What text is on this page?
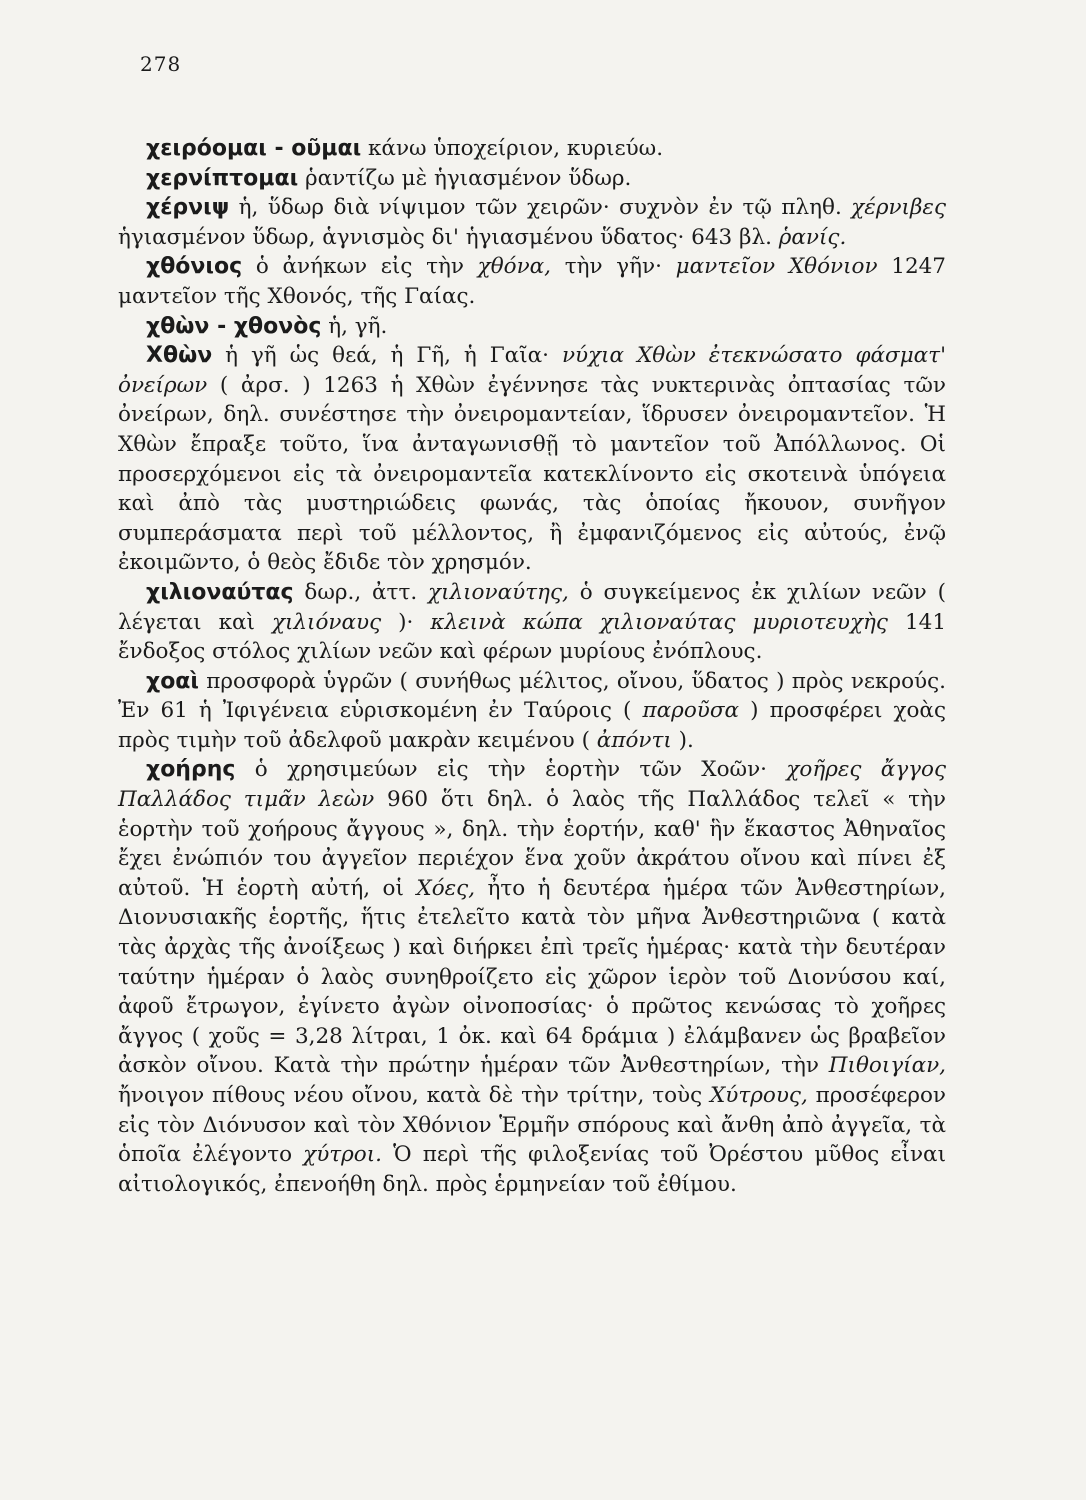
278

χειρόομαι - οῦμαι κάνω ὑποχείριον, κυριεύω.

χερνίπτομαι ῥαντίζω μὲ ἡγιασμένον ὕδωρ.

χέρνιψ ἡ, ὕδωρ διὰ νίψιμον τῶν χειρῶν· συχνὸν ἐν τῷ πληθ. χέρνιβες ἡγιασμένον ὕδωρ, ἁγνισμὸς δι' ἡγιασμένου ὕδατος· 643 βλ. ῥανίς.

χθόνιος ὁ ἀνήκων εἰς τὴν χθόνα, τὴν γῆν· μαντεῖον Χθόνιον 1247 μαντεῖον τῆς Χθονός, τῆς Γαίας.

χθὼν - χθονὸς ἡ, γῆ.

Χθὼν ἡ γῆ ὡς θεά, ἡ Γῆ, ἡ Γαῖα· νύχια Χθὼν ἐτεκνώσατο φάσματ' ὀνείρων ( ἀρσ. ) 1263 ἡ Χθὼν ἐγέννησε τὰς νυκτερινὰς ὀπτασίας τῶν ὀνείρων, δηλ. συνέστησε τὴν ὀνειρομαντείαν, ἵδρυσεν ὀνειρομαντεῖον. Ἡ Χθὼν ἔπραξε τοῦτο, ἵνα ἀνταγωνισθῇ τὸ μαντεῖον τοῦ Ἀπόλλωνος. Οἱ προσερχόμενοι εἰς τὰ ὀνειρομαντεῖα κατεκλίνοντο εἰς σκοτεινὰ ὑπόγεια καὶ ἀπὸ τὰς μυστηριώδεις φωνάς, τὰς ὁποίας ἤκουον, συνῆγον συμπεράσματα περὶ τοῦ μέλλοντος, ἢ ἐμφανιζόμενος εἰς αὐτούς, ἐνῷ ἐκοιμῶντο, ὁ θεὸς ἔδιδε τὸν χρησμόν.

χιλιοναύτας δωρ., ἀττ. χιλιοναύτης, ὁ συγκείμενος ἐκ χιλίων νεῶν ( λέγεται καὶ χιλιόναυς )· κλεινὰ κώπα χιλιοναύτας μυριοτευχὴς 141 ἔνδοξος στόλος χιλίων νεῶν καὶ φέρων μυρίους ἐνόπλους.

χοαὶ προσφορὰ ὑγρῶν ( συνήθως μέλιτος, οἴνου, ὕδατος ) πρὸς νεκρούς. Ἐν 61 ἡ Ἰφιγένεια εὑρισκομένη ἐν Ταύροις ( παροῦσα ) προσφέρει χοὰς πρὸς τιμὴν τοῦ ἀδελφοῦ μακρὰν κειμένου ( ἀπόντι ).

χοήρης ὁ χρησιμεύων εἰς τὴν ἑορτὴν τῶν Χοῶν· χοῆρες ἄγγος Παλλάδος τιμᾶν λεὼν 960 ὅτι δηλ. ὁ λαὸς τῆς Παλλάδος τελεῖ « τὴν ἑορτὴν τοῦ χοήρους ἄγγους », δηλ. τὴν ἑορτήν, καθ' ἣν ἕκαστος Ἀθηναῖος ἔχει ἐνώπιόν του ἀγγεῖον περιέχον ἕνα χοῦν ἀκράτου οἴνου καὶ πίνει ἐξ αὐτοῦ. Ἡ ἑορτὴ αὐτή, οἱ Χόες, ἦτο ἡ δευτέρα ἡμέρα τῶν Ἀνθεστηρίων, Διονυσιακῆς ἑορτῆς, ἥτις ἐτελεῖτο κατὰ τὸν μῆνα Ἀνθεστηριῶνα ( κατὰ τὰς ἀρχὰς τῆς ἀνοίξεως ) καὶ διήρκει ἐπὶ τρεῖς ἡμέρας· κατὰ τὴν δευτέραν ταύτην ἡμέραν ὁ λαὸς συνηθροίζετο εἰς χῶρον ἱερὸν τοῦ Διονύσου καί, ἀφοῦ ἔτρωγον, ἐγίνετο ἀγὼν οἰνοποσίας· ὁ πρῶτος κενώσας τὸ χοῆρες ἄγγος ( χοῦς = 3,28 λίτραι, 1 ὀκ. καὶ 64 δράμια ) ἐλάμβανεν ὡς βραβεῖον ἀσκὸν οἴνου. Κατὰ τὴν πρώτην ἡμέραν τῶν Ἀνθεστηρίων, τὴν Πιθοιγίαν, ἤνοιγον πίθους νέου οἴνου, κατὰ δὲ τὴν τρίτην, τοὺς Χύτρους, προσέφερον εἰς τὸν Διόνυσον καὶ τὸν Χθόνιον Ἑρμῆν σπόρους καὶ ἄνθη ἀπὸ ἀγγεῖα, τὰ ὁποῖα ἐλέγοντο χύτροι. Ὁ περὶ τῆς φιλοξενίας τοῦ Ὀρέστου μῦθος εἶναι αἰτιολογικός, ἐπενοήθη δηλ. πρὸς ἑρμηνείαν τοῦ ἐθίμου.
